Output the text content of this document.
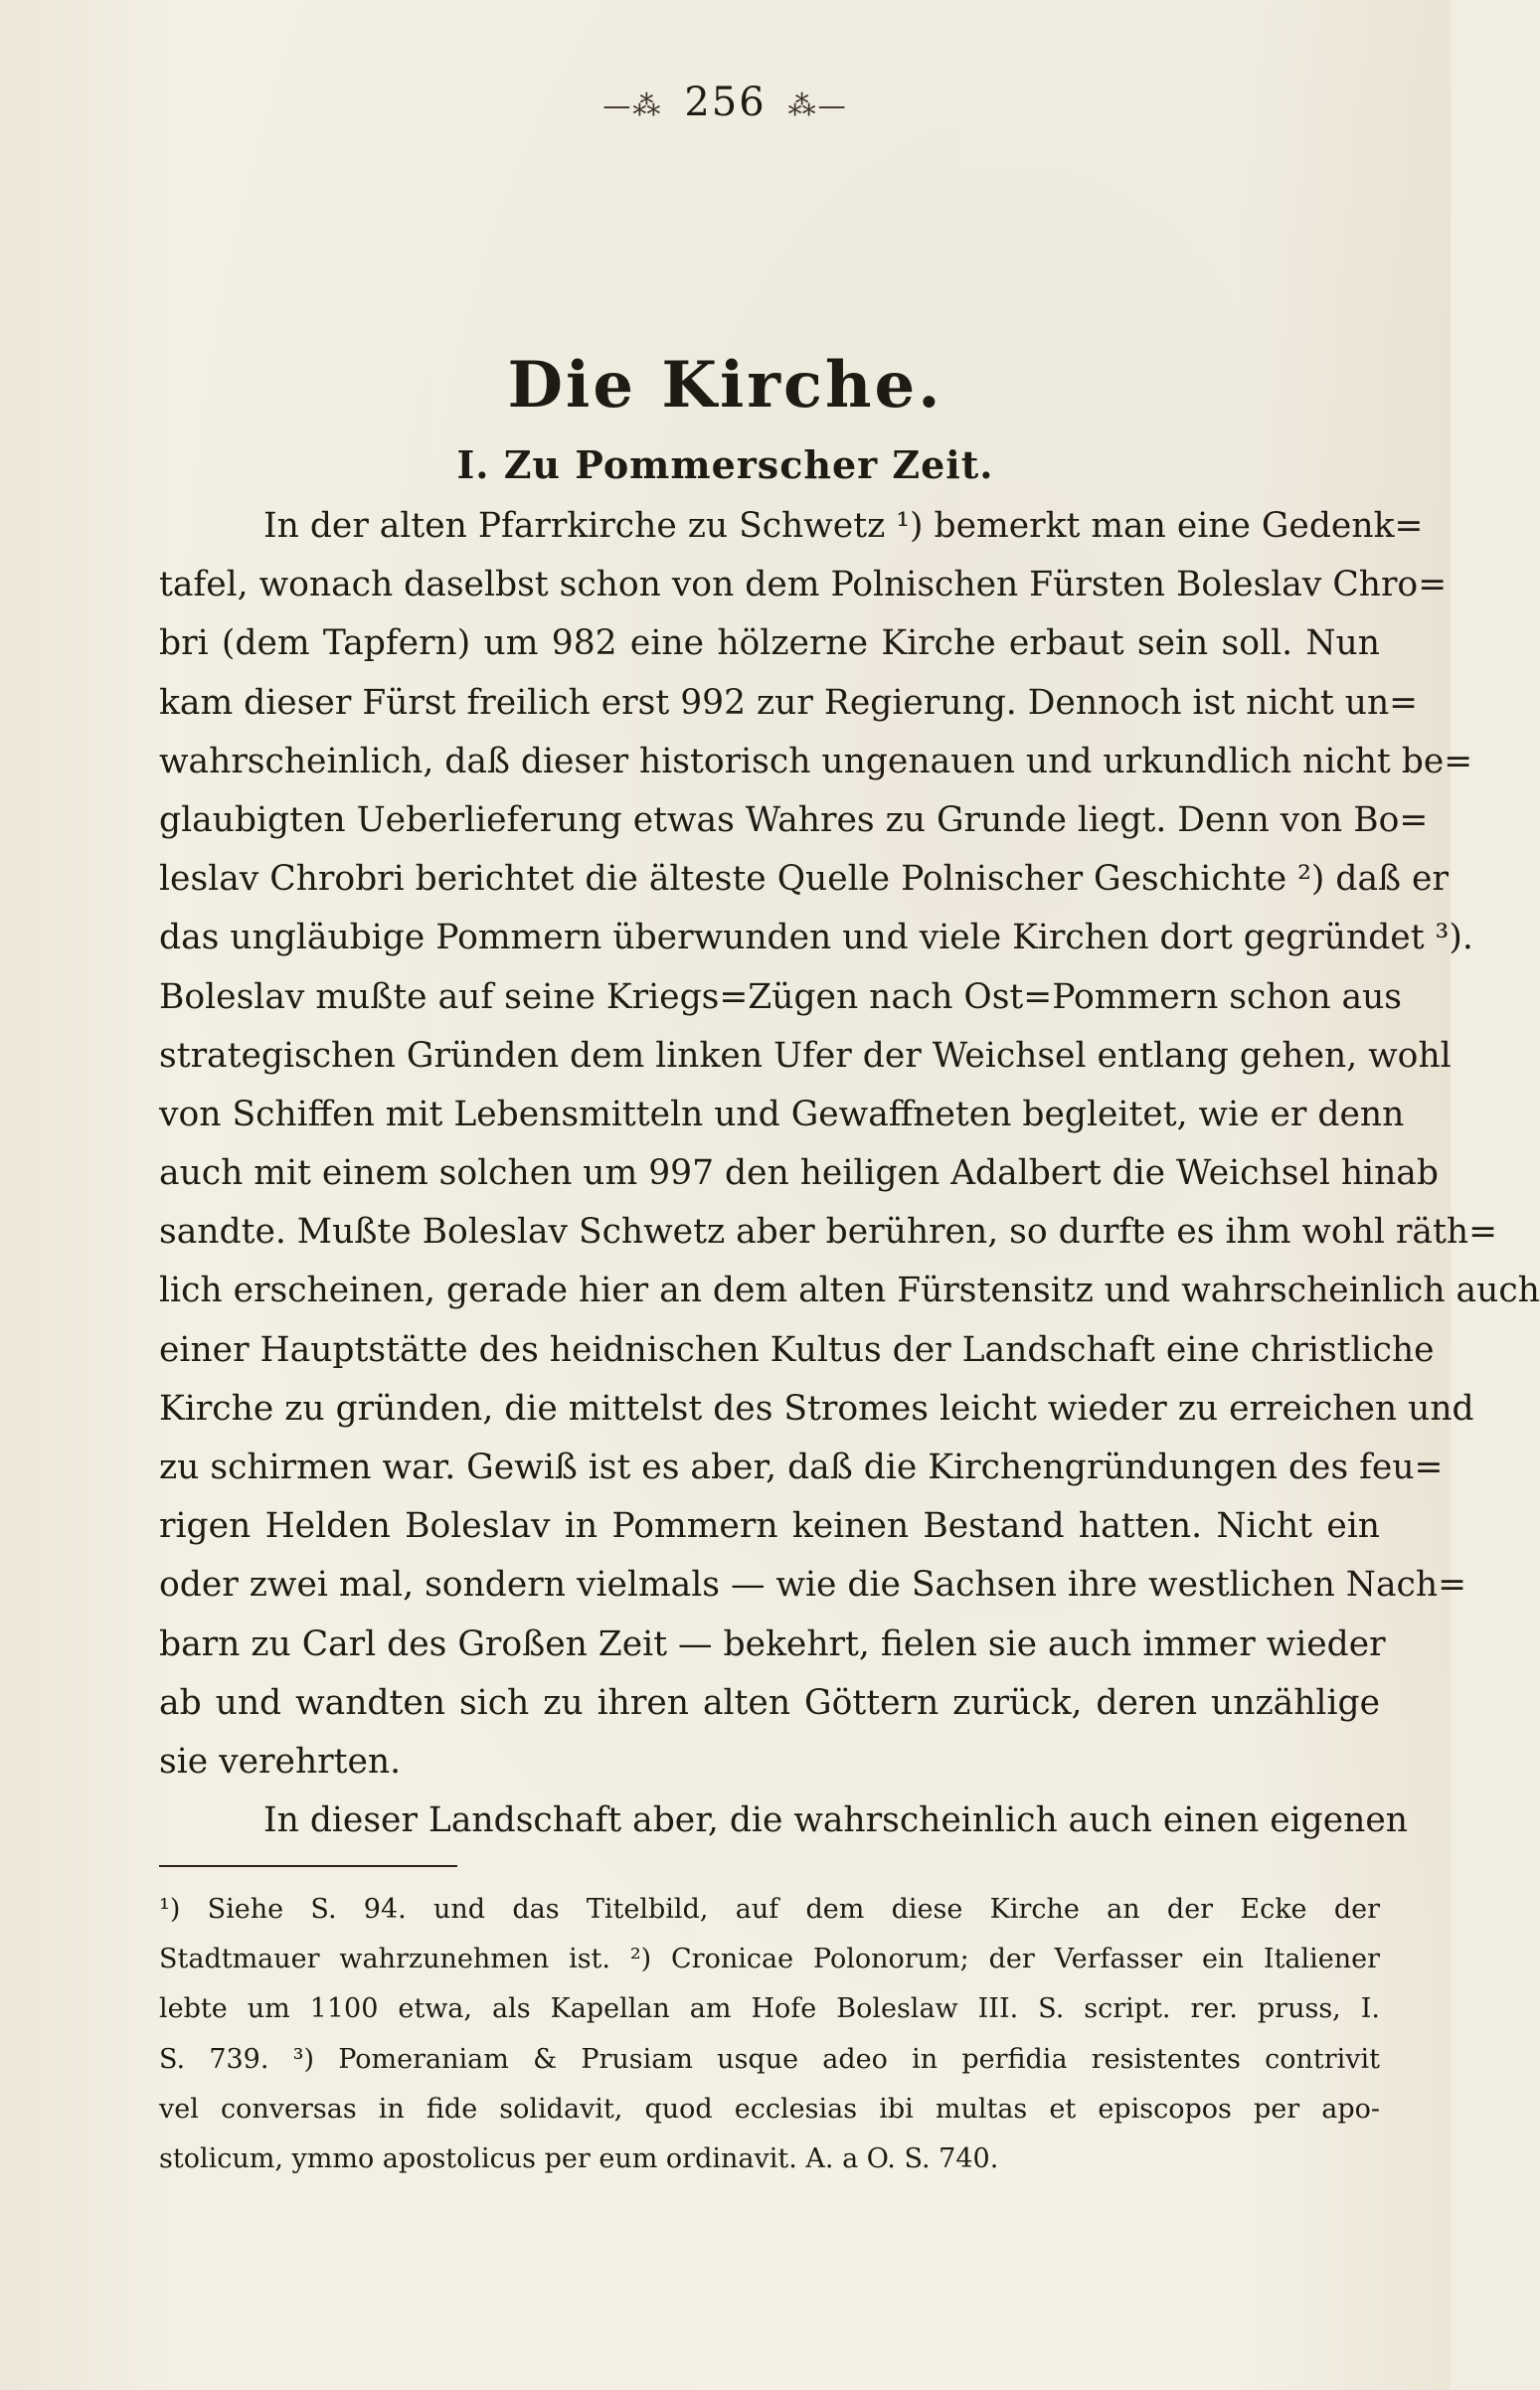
—⁂ 256 ⁂—
Die Kirche.
I. Zu Pommerscher Zeit.
In der alten Pfarrkirche zu Schwetz ¹) bemerkt man eine Gedenk=
tafel, wonach daselbst schon von dem Polnischen Fürsten Boleslav Chro=
bri (dem Tapfern) um 982 eine hölzerne Kirche erbaut sein soll. Nun
kam dieser Fürst freilich erst 992 zur Regierung. Dennoch ist nicht un=
wahrscheinlich, daß dieser historisch ungenauen und urkundlich nicht be=
glaubigten Ueberlieferung etwas Wahres zu Grunde liegt. Denn von Bo=
leslav Chrobri berichtet die älteste Quelle Polnischer Geschichte ²) daß er
das ungläubige Pommern überwunden und viele Kirchen dort gegründet ³).
Boleslav mußte auf seine Kriegs=Zügen nach Ost=Pommern schon aus
strategischen Gründen dem linken Ufer der Weichsel entlang gehen, wohl
von Schiffen mit Lebensmitteln und Gewaffneten begleitet, wie er denn
auch mit einem solchen um 997 den heiligen Adalbert die Weichsel hinab
sandte. Mußte Boleslav Schwetz aber berühren, so durfte es ihm wohl räth=
lich erscheinen, gerade hier an dem alten Fürstensitz und wahrscheinlich auch
einer Hauptstätte des heidnischen Kultus der Landschaft eine christliche
Kirche zu gründen, die mittelst des Stromes leicht wieder zu erreichen und
zu schirmen war. Gewiß ist es aber, daß die Kirchengründungen des feu=
rigen Helden Boleslav in Pommern keinen Bestand hatten. Nicht ein
oder zwei mal, sondern vielmals — wie die Sachsen ihre westlichen Nach=
barn zu Carl des Großen Zeit — bekehrt, fielen sie auch immer wieder
ab und wandten sich zu ihren alten Göttern zurück, deren unzählige
sie verehrten.
In dieser Landschaft aber, die wahrscheinlich auch einen eigenen
¹) Siehe S. 94. und das Titelbild, auf dem diese Kirche an der Ecke der
Stadtmauer wahrzunehmen ist. ²) Cronicae Polonorum; der Verfasser ein Italiener
lebte um 1100 etwa, als Kapellan am Hofe Boleslaw III. S. script. rer. pruss, I.
S. 739. ³) Pomeraniam & Prusiam usque adeo in perfidia resistentes contrivit
vel conversas in fide solidavit, quod ecclesias ibi multas et episcopos per apo-
stolicum, ymmo apostolicus per eum ordinavit. A. a O. S. 740.
